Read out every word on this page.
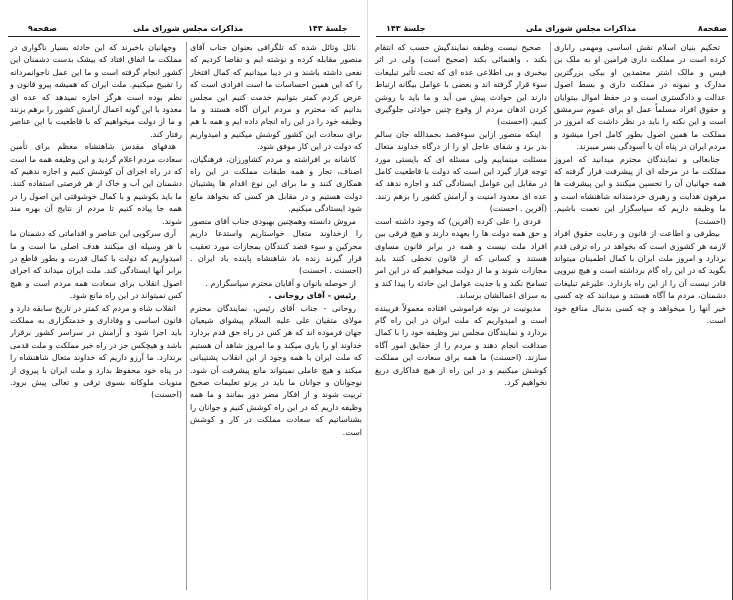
صفحه۹	مذاکرات مجلس شورای ملی	جلسهٔ ۱۴۳

نائل وتائل شده که تلگرافی بعنوان جناب آقای منصور مقابله کرده و نوشته ایم و تقاضا کردیم که نفعی داشته باشند و در دیبا میدانیم که کمال افتخار را که این همین احساسات ما است افرادی است که عرض کردم کمتر بتوانیم خدمت کنیم این مجلس بدانیم که محترم و مردم ایران آگاه هستند و ما وظیفه خود را در این راه انجام داده ایم و همه با هم برای سعادت این کشور کوشش میکنیم و امیدواریم که دولت در این کار موفق شود.

کاشانه بر افراشته و مردم کشاورزان، فرهنگیان، اصناف، تجار و همه طبقات مملکت در این راه همکاری کنند و ما برای این نوع اقدام ها پشتیبان دولت هستیم و در مقابل هر کسی که بخواهد مانع شود ایستادگی میکنیم.

مروش دانسته وهمچنین بهبودی جناب آقای منصور را ازخداوند متعال خواستاریم واستدعا داریم محرکین و سوء قصد کنندگان بمجازات مورد تعقیب قرار گیرند زنده باد شاهنشاه پاینده باد ایران . (احسنت . احسنت)

از حوصله بانوان و آقایان محترم سپاسگزارم .

رئیس - آقای روحانی .

روحانی - جناب آقای رئیس، نمایندگان محترم مولای متقیان علی علیه السلام پیشوای شیعیان جهان فرموده اند که هر کس در راه حق قدم بردارد خداوند او را یاری میکند و ما امروز شاهد آن هستیم که ملت ایران با همه وجود از این انقلاب پشتیبانی میکند و هیچ عاملی نمیتواند مانع پیشرفت آن شود. نوجوانان و جوانان ما باید در پرتو تعلیمات صحیح تربیت شوند و از افکار مضر دور بمانند و ما همه وظیفه داریم که در این راه کوشش کنیم و جوانان را بشناسانیم که سعادت مملکت در کار و کوشش است.

وجهانیان باخبرند که این حادثه بسیار ناگواری در مملکت ما اتفاق افتاد که بیشک بدست دشمنان این کشور انجام گرفته است و ما این عمل ناجوانمردانه را تقبیح میکنیم. ملت ایران که همیشه پیرو قانون و نظم بوده است هرگز اجازه نمیدهد که عده ای معدود با این گونه اعمال آرامش کشور را برهم بزنند و ما از دولت میخواهیم که با قاطعیت با این عناصر رفتار کند.

هدفهای مقدس شاهنشاه معظم برای تأمین سعادت مردم اعلام گردید و این وظیفه همه ما است که در راه اجرای آن کوشش کنیم و اجازه ندهیم که دشمنان این آب و خاک از هر فرصتی استفاده کنند. ما باید بکوشیم و با کمال خوشوقتی این اصول را در همه جا پیاده کنیم تا مردم از نتایج آن بهره مند شوند.

آری سرکوبی این عناصر و اقداماتی که دشمنان ما با هر وسیله ای میکنند هدف اصلی ما است و ما امیدواریم که دولت با کمال قدرت و بطور قاطع در برابر آنها ایستادگی کند. ملت ایران میداند که اجرای اصول انقلاب برای سعادت همه مردم است و هیچ کس نمیتواند در این راه مانع شود.

انقلاب شاه و مردم که کمتر در تاریخ سابقه دارد و قانون اساسی و وفاداری و خدمتگزاری به مملکت باید اجرا شود و آرامش در سراسر کشور برقرار باشد و هیچکس جز در راه خیر مملکت و ملت قدمی برندارد. ما آرزو داریم که خداوند متعال شاهنشاه را در پناه خود محفوظ بدارد و ملت ایران با پیروی از منویات ملوکانه بسوی ترقی و تعالی پیش برود. (احسنت)

جلسهٔ ۱۴۳	مذاکرات مجلس شورای ملی	صفحه۸

تحکیم بنیان اسلام نقش اساسی ومهمی راباری کرده است در مملکت داری فرامین او به ملک بن قیس و مالک اشتر معتمدین او بیکی بزرگترین مدارک و نمونه در مملکت داری و بسط اصول عدالت و دادگستری است و در حفظ اموال بیتوایان و حقوق افراد مسلماً عمل او برای عموم سرمشق است و این نکته را باید در نظر داشت که امروز در مملکت ما همین اصول بطور کامل اجرا میشود و مردم ایران در پناه آن با آسودگی بسر میبرند.

جنابعالی و نمایندگان محترم میدانید که امروز مملکت ما در مرحله ای از پیشرفت قرار گرفته که همه جهانیان آن را تحسین میکنند و این پیشرفت ها مرهون هدایت و رهبری خردمندانه شاهنشاه است و ما وظیفه داریم که سپاسگزار این نعمت باشیم. (احسنت)

بیطرفی و اطاعت از قانون و رعایت حقوق افراد لازمه هر کشوری است که بخواهد در راه ترقی قدم بردارد و امروز ملت ایران با کمال اطمینان میتواند بگوید که در این راه گام برداشته است و هیچ نیرویی قادر نیست آن را از این راه بازدارد. علیرغم تبلیغات دشمنان، مردم ما آگاه هستند و میدانند که چه کسی خیر آنها را میخواهد و چه کسی بدنبال منافع خود است.

صحیح نیست وظیفه نمایندگیش حسب که انتقام بکند ، واهنمائی بکند (صحیح است) ولی در اثر بیخبری و بی اطلاعی عده ای که تحت تأثیر تبلیغات سوء قرار گرفته اند و بعضی با عوامل بیگانه ارتباط دارند این حوادث پیش می آید و ما باید با روشن کردن اذهان مردم از وقوع چنین حوادثی جلوگیری کنیم. (احسنت)

اینکه منصور ازاین سوءقصد بحمدالله جان سالم بدر برد و شفای عاجل او را از درگاه خداوند متعال مسئلت مینماییم ولی مسئله ای که بایستی مورد توجه قرار گیرد این است که دولت با قاطعیت کامل در مقابل این عوامل ایستادگی کند و اجازه ندهد که عده ای معدود امنیت و آرامش کشور را برهم زنند. (آفرین . احسنت)

فردی را علی کرده (آفرین) که وجود داشته است و حق همه دولت ها را بعهده دارند و هیچ فرقی بین افراد ملت نیست و همه در برابر قانون مساوی هستند و کسانی که از قانون تخطی کنند باید مجازات شوند و ما از دولت میخواهیم که در این امر تسامح نکند و با جدیت عوامل این حادثه را پیدا کند و به سزای اعمالشان برساند.

مدیونیت در بوته فراموشی افتاده معمولاً فریبنده است و امیدواریم که ملت ایران در این راه گام بردارد و نمایندگان مجلس نیز وظیفه خود را با کمال صداقت انجام دهند و مردم را از حقایق امور آگاه سازند. (احسنت) ما همه برای سعادت این مملکت کوشش میکنیم و در این راه از هیچ فداکاری دریغ نخواهیم کرد.
